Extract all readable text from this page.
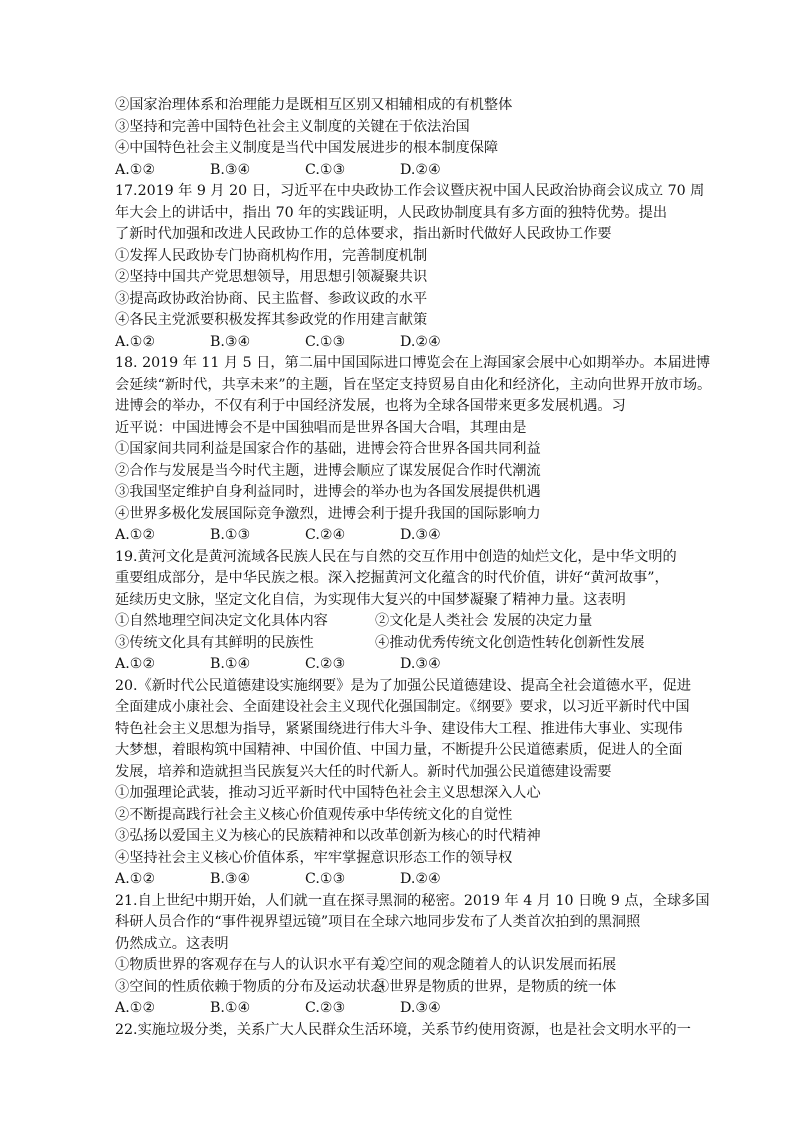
②国家治理体系和治理能力是既相互区别又相辅相成的有机整体
③坚持和完善中国特色社会主义制度的关键在于依法治国
④中国特色社会主义制度是当代中国发展进步的根本制度保障
A.①②	B.③④	C.①③	D.②④
17.2019 年 9 月 20 日，习近平在中央政协工作会议暨庆祝中国人民政治协商会议成立 70 周
年大会上的讲话中，指出 70 年的实践证明，人民政协制度具有多方面的独特优势。提出
了新时代加强和改进人民政协工作的总体要求，指出新时代做好人民政协工作要
①发挥人民政协专门协商机构作用，完善制度机制
②坚持中国共产党思想领导，用思想引领凝聚共识
③提高政协政治协商、民主监督、参政议政的水平
④各民主党派要积极发挥其参政党的作用建言献策
A.①②	B.③④	C.①③	D.②④
18. 2019 年 11 月 5 日，第二届中国国际进口博览会在上海国家会展中心如期举办。本届进博
会延续“新时代，共享未来”的主题，旨在坚定支持贸易自由化和经济化，主动向世界开放市场。
进博会的举办，不仅有利于中国经济发展，也将为全球各国带来更多发展机遇。习
近平说：中国进博会不是中国独唱而是世界各国大合唱，其理由是
①国家间共同利益是国家合作的基础，进博会符合世界各国共同利益
②合作与发展是当今时代主题，进博会顺应了谋发展促合作时代潮流
③我国坚定维护自身利益同时，进博会的举办也为各国发展提供机遇
④世界多极化发展国际竞争激烈，进博会利于提升我国的国际影响力
A.①②	B.①③	C.②④	D.③④
19.黄河文化是黄河流域各民族人民在与自然的交互作用中创造的灿烂文化，是中华文明的
重要组成部分，是中华民族之根。深入挖掘黄河文化蕴含的时代价值，讲好“黄河故事”，
延续历史文脉，坚定文化自信，为实现伟大复兴的中国梦凝聚了精神力量。这表明
①自然地理空间决定文化具体内容	②文化是人类社会 发展的决定力量
③传统文化具有其鲜明的民族性	④推动优秀传统文化创造性转化创新性发展
A.①②	B.①④	C.②③	D.③④
20.《新时代公民道德建设实施纲要》是为了加强公民道德建设、提高全社会道德水平，促进
全面建成小康社会、全面建设社会主义现代化强国制定。《纲要》要求，以习近平新时代中国
特色社会主义思想为指导，紧紧围绕进行伟大斗争、建设伟大工程、推进伟大事业、实现伟
大梦想，着眼构筑中国精神、中国价值、中国力量，不断提升公民道德素质，促进人的全面
发展，培养和造就担当民族复兴大任的时代新人。新时代加强公民道德建设需要
①加强理论武装，推动习近平新时代中国特色社会主义思想深入人心
②不断提高践行社会主义核心价值观传承中华传统文化的自觉性
③弘扬以爱国主义为核心的民族精神和以改革创新为核心的时代精神
④坚持社会主义核心价值体系，牢牢掌握意识形态工作的领导权
A.①②	B.③④	C.①③	D.②④
21.自上世纪中期开始，人们就一直在探寻黑洞的秘密。2019 年 4 月 10 日晚 9 点，全球多国
科研人员合作的“事件视界望远镜”项目在全球六地同步发布了人类首次拍到的黑洞照
仍然成立。这表明
①物质世界的客观存在与人的认识水平有关
②空间的观念随着人的认识发展而拓展
③空间的性质依赖于物质的分布及运动状态
④世界是物质的世界，是物质的统一体
A.①②	B.①④	C.②③	D.③④
22.实施垃圾分类，关系广大人民群众生活环境，关系节约使用资源，也是社会文明水平的一
